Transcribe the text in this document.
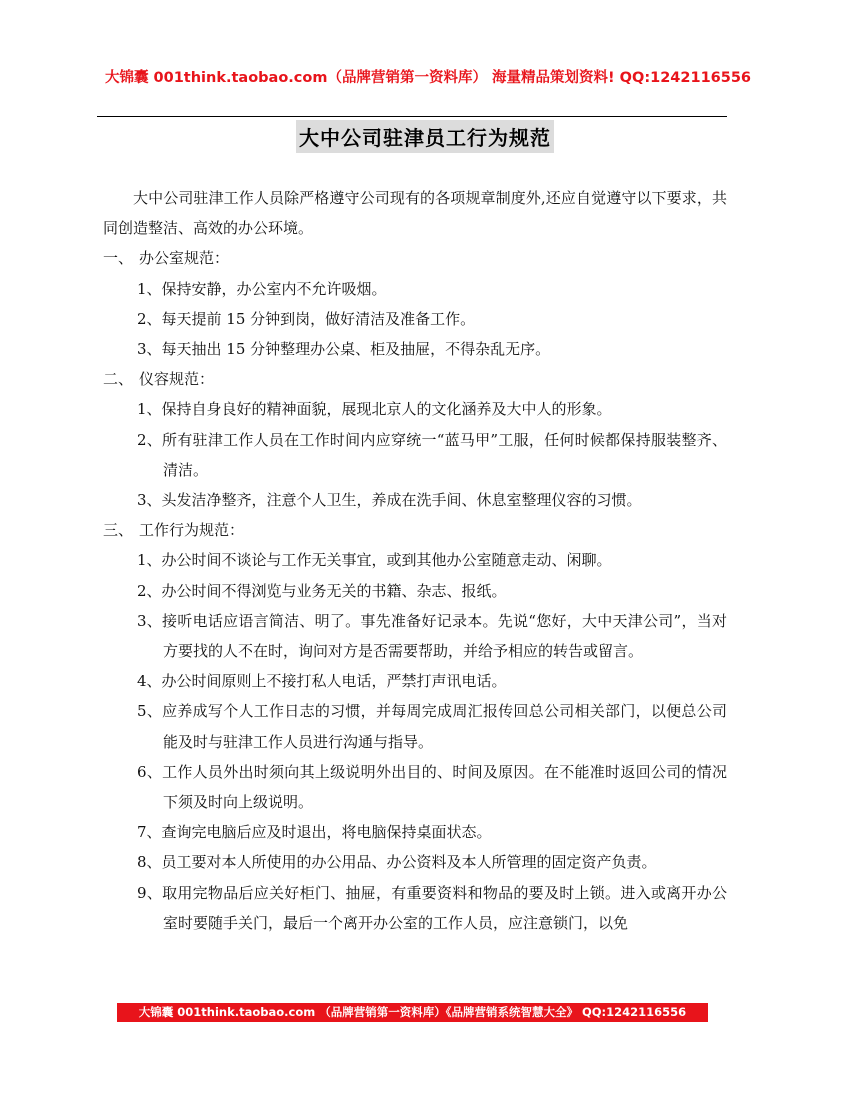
大锦囊 001think.taobao.com（品牌营销第一资料库） 海量精品策划资料! QQ:1242116556
大中公司驻津员工行为规范

大中公司驻津工作人员除严格遵守公司现有的各项规章制度外,还应自觉遵守以下要求，共同创造整洁、高效的办公环境。

一、 办公室规范：

1、保持安静，办公室内不允许吸烟。

2、每天提前 15 分钟到岗，做好清洁及准备工作。

3、每天抽出 15 分钟整理办公桌、柜及抽屉，不得杂乱无序。

二、 仪容规范：

1、保持自身良好的精神面貌，展现北京人的文化涵养及大中人的形象。

2、所有驻津工作人员在工作时间内应穿统一“蓝马甲”工服，任何时候都保持服装整齐、清洁。

3、头发洁净整齐，注意个人卫生，养成在洗手间、休息室整理仪容的习惯。

三、 工作行为规范：

1、办公时间不谈论与工作无关事宜，或到其他办公室随意走动、闲聊。

2、办公时间不得浏览与业务无关的书籍、杂志、报纸。

3、接听电话应语言简洁、明了。事先准备好记录本。先说“您好，大中天津公司”，当对方要找的人不在时，询问对方是否需要帮助，并给予相应的转告或留言。

4、办公时间原则上不接打私人电话，严禁打声讯电话。

5、应养成写个人工作日志的习惯，并每周完成周汇报传回总公司相关部门，以便总公司能及时与驻津工作人员进行沟通与指导。

6、工作人员外出时须向其上级说明外出目的、时间及原因。在不能准时返回公司的情况下须及时向上级说明。

7、查询完电脑后应及时退出，将电脑保持桌面状态。

8、员工要对本人所使用的办公用品、办公资料及本人所管理的固定资产负责。

9、取用完物品后应关好柜门、抽屉，有重要资料和物品的要及时上锁。进入或离开办公室时要随手关门，最后一个离开办公室的工作人员，应注意锁门，以免

大锦囊 001think.taobao.com （品牌营销第一资料库）《品牌营销系统智慧大全》 QQ:1242116556
